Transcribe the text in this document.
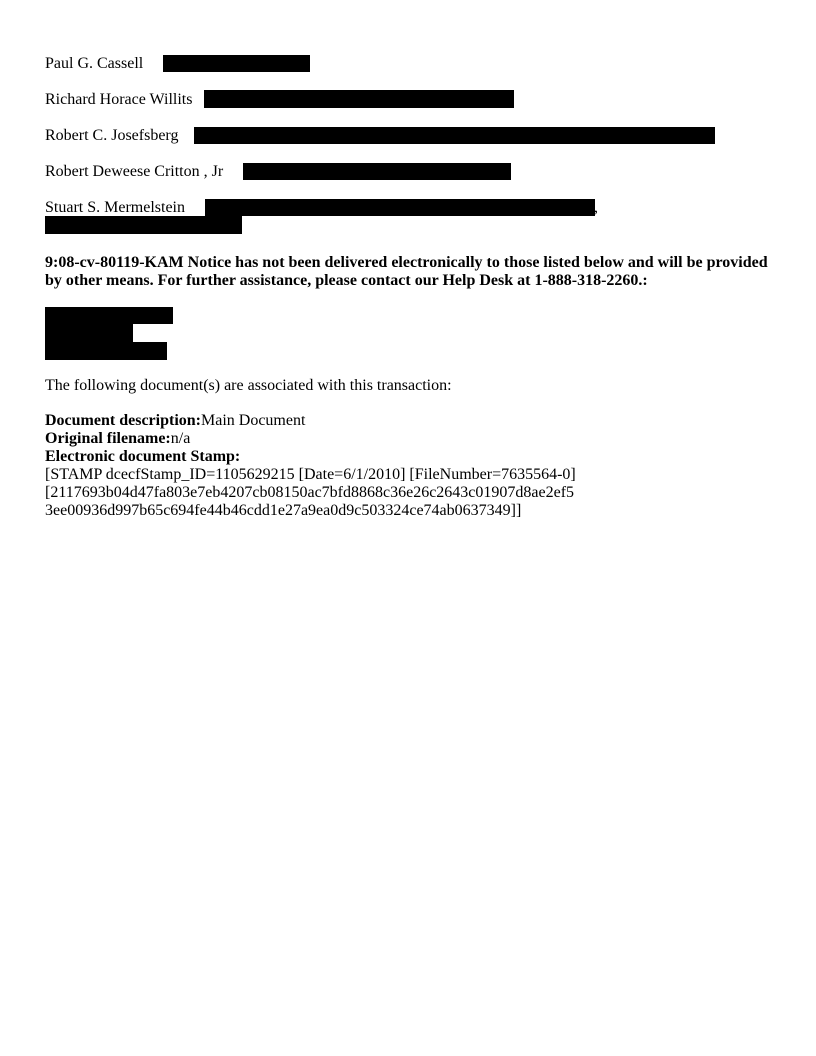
Paul G. Cassell
Richard Horace Willits
Robert C. Josefsberg
Robert Deweese Critton , Jr
Stuart S. Mermelstein	,
9:08-cv-80119-KAM Notice has not been delivered electronically to those listed below and will be provided by other means. For further assistance, please contact our Help Desk at 1-888-318-2260.:
The following document(s) are associated with this transaction:
Document description:Main Document
Original filename:n/a
Electronic document Stamp:
[STAMP dcecfStamp_ID=1105629215 [Date=6/1/2010] [FileNumber=7635564-0]
[2117693b04d47fa803e7eb4207cb08150ac7bfd8868c36e26c2643c01907d8ae2ef5
3ee00936d997b65c694fe44b46cdd1e27a9ea0d9c503324ce74ab0637349]]
